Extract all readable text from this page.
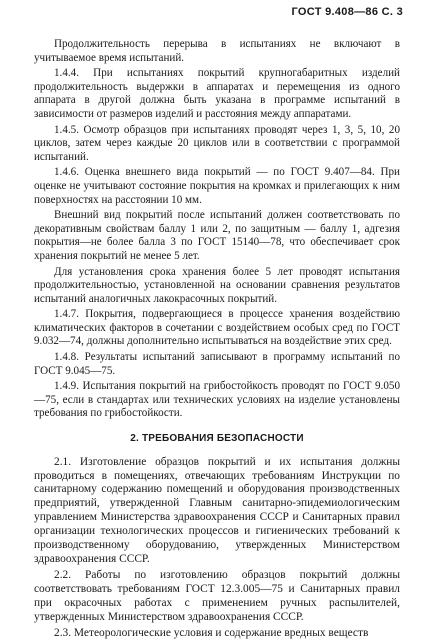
ГОСТ 9.408—86 С. 3

Продолжительность перерыва в испытаниях не включают в учитываемое время испытаний.

1.4.4. При испытаниях покрытий крупногабаритных изделий продолжительность выдержки в аппаратах и перемещения из одного аппарата в другой должна быть указана в программе испытаний в зависимости от размеров изделий и расстояния между аппаратами.

1.4.5. Осмотр образцов при испытаниях проводят через 1, 3, 5, 10, 20 циклов, затем через каждые 20 циклов или в соответствии с программой испытаний.

1.4.6. Оценка внешнего вида покрытий — по ГОСТ 9.407—84. При оценке не учитывают состояние покрытия на кромках и прилегающих к ним поверхностях на расстоянии 10 мм.

Внешний вид покрытий после испытаний должен соответствовать по декоративным свойствам баллу 1 или 2, по защитным — баллу 1, адгезия покрытия—не более балла 3 по ГОСТ 15140—78, что обеспечивает срок хранения покрытий не менее 5 лет.

Для установления срока хранения более 5 лет проводят испытания продолжительностью, установленной на основании сравнения результатов испытаний аналогичных лакокрасочных покрытий.

1.4.7. Покрытия, подвергающиеся в процессе хранения воздействию климатических факторов в сочетании с воздействием особых сред по ГОСТ 9.032—74, должны дополнительно испытываться на воздействие этих сред.

1.4.8. Результаты испытаний записывают в программу испытаний по ГОСТ 9.045—75.

1.4.9. Испытания покрытий на грибостойкость проводят по ГОСТ 9.050—75, если в стандартах или технических условиях на изделие установлены требования по грибостойкости.

2. ТРЕБОВАНИЯ БЕЗОПАСНОСТИ

2.1. Изготовление образцов покрытий и их испытания должны проводиться в помещениях, отвечающих требованиям Инструкции по санитарному содержанию помещений и оборудования производственных предприятий, утвержденной Главным санитарно-эпидемиологическим управлением Министерства здравоохранения СССР и Санитарных правил организации технологических процессов и гигиенических требований к производственному оборудованию, утвержденных Министерством здравоохранения СССР.

2.2. Работы по изготовлению образцов покрытий должны соответствовать требованиям ГОСТ 12.3.005—75 и Санитарных правил при окрасочных работах с применением ручных распылителей, утвержденных Министерством здравоохранения СССР.

2.3. Метеорологические условия и содержание вредных веществ
